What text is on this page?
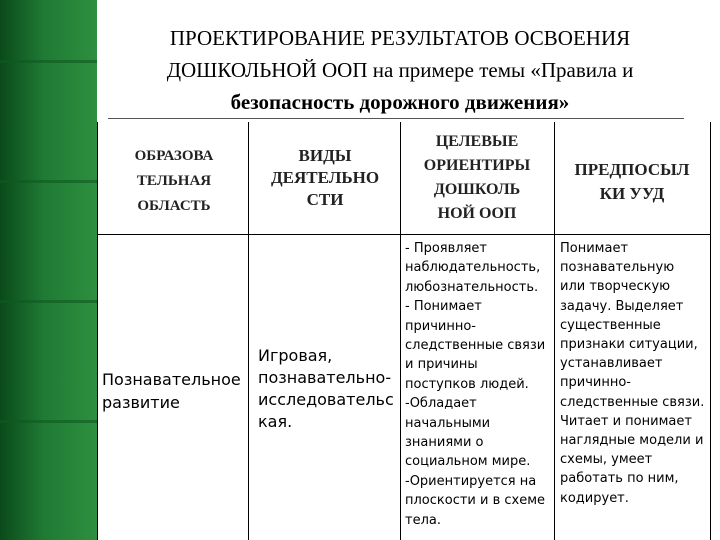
ПРОЕКТИРОВАНИЕ РЕЗУЛЬТАТОВ ОСВОЕНИЯ
ДОШКОЛЬНОЙ ООП на примере темы «Правила и
безопасность дорожного движения»
ОБРАЗОВА
ТЕЛЬНАЯ
ОБЛАСТЬ
ВИДЫ
ДЕЯТЕЛЬНО
СТИ
ЦЕЛЕВЫЕ
ОРИЕНТИРЫ
ДОШКОЛЬ
НОЙ ООП
ПРЕДПОСЫЛ
КИ УУД
Познавательное
развитие
Игровая,
познавательно-
исследовательс
кая.
- Проявляет
наблюдательность,
любознательность.
- Понимает
причинно-
следственные связи
и причины
поступков людей.
-Обладает
начальными
знаниями о
социальном мире.
-Ориентируется на
плоскости и в схеме
тела.
Понимает
познавательную
или творческую
задачу. Выделяет
существенные
признаки ситуации,
устанавливает
причинно-
следственные связи.
Читает и понимает
наглядные модели и
схемы, умеет
работать по ним,
кодирует.
